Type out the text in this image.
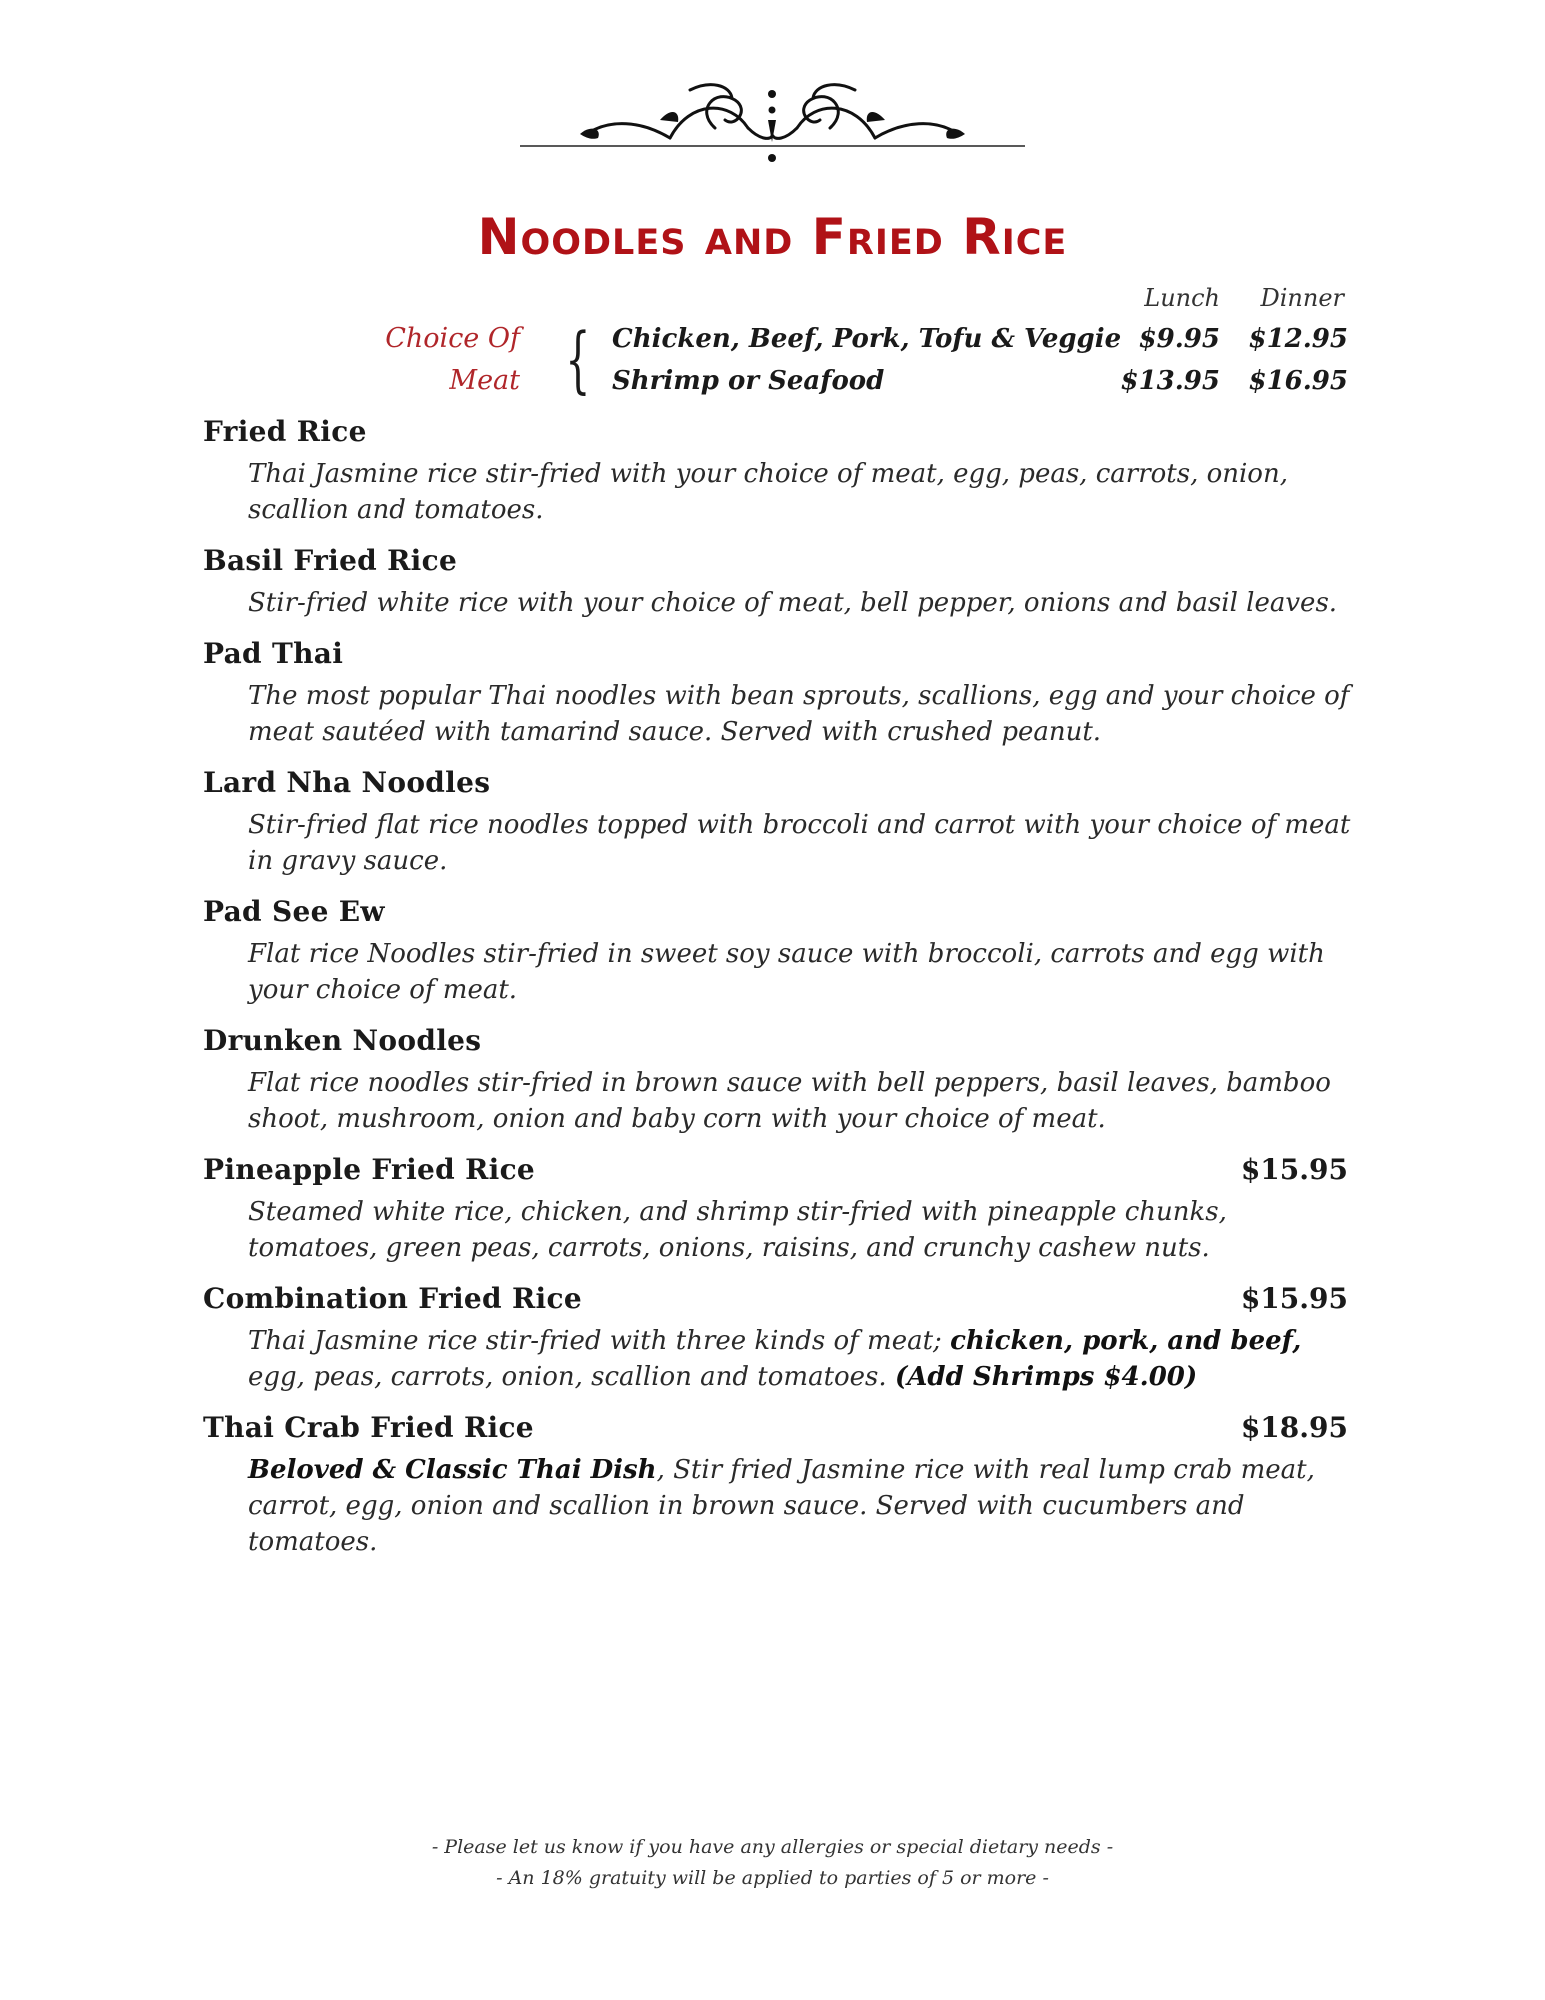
Noodles and Fried Rice
Lunch	Dinner
Choice Of
Meat { Chicken, Beef, Pork, Tofu & Veggie $9.95 $12.95
Shrimp or Seafood	$13.95 $16.95
Fried Rice
Thai Jasmine rice stir-fried with your choice of meat, egg, peas, carrots, onion, scallion and tomatoes.
Basil Fried Rice
Stir-fried white rice with your choice of meat, bell pepper, onions and basil leaves.
Pad Thai
The most popular Thai noodles with bean sprouts, scallions, egg and your choice of meat sautéed with tamarind sauce. Served with crushed peanut.
Lard Nha Noodles
Stir-fried flat rice noodles topped with broccoli and carrot with your choice of meat in gravy sauce.
Pad See Ew
Flat rice Noodles stir-fried in sweet soy sauce with broccoli, carrots and egg with your choice of meat.
Drunken Noodles
Flat rice noodles stir-fried in brown sauce with bell peppers, basil leaves, bamboo shoot, mushroom, onion and baby corn with your choice of meat.
Pineapple Fried Rice	$15.95
Steamed white rice, chicken, and shrimp stir-fried with pineapple chunks, tomatoes, green peas, carrots, onions, raisins, and crunchy cashew nuts.
Combination Fried Rice	$15.95
Thai Jasmine rice stir-fried with three kinds of meat; chicken, pork, and beef, egg, peas, carrots, onion, scallion and tomatoes. (Add Shrimps $4.00)
Thai Crab Fried Rice	$18.95
Beloved & Classic Thai Dish, Stir fried Jasmine rice with real lump crab meat, carrot, egg, onion and scallion in brown sauce. Served with cucumbers and tomatoes.
- Please let us know if you have any allergies or special dietary needs -
- An 18% gratuity will be applied to parties of 5 or more -
